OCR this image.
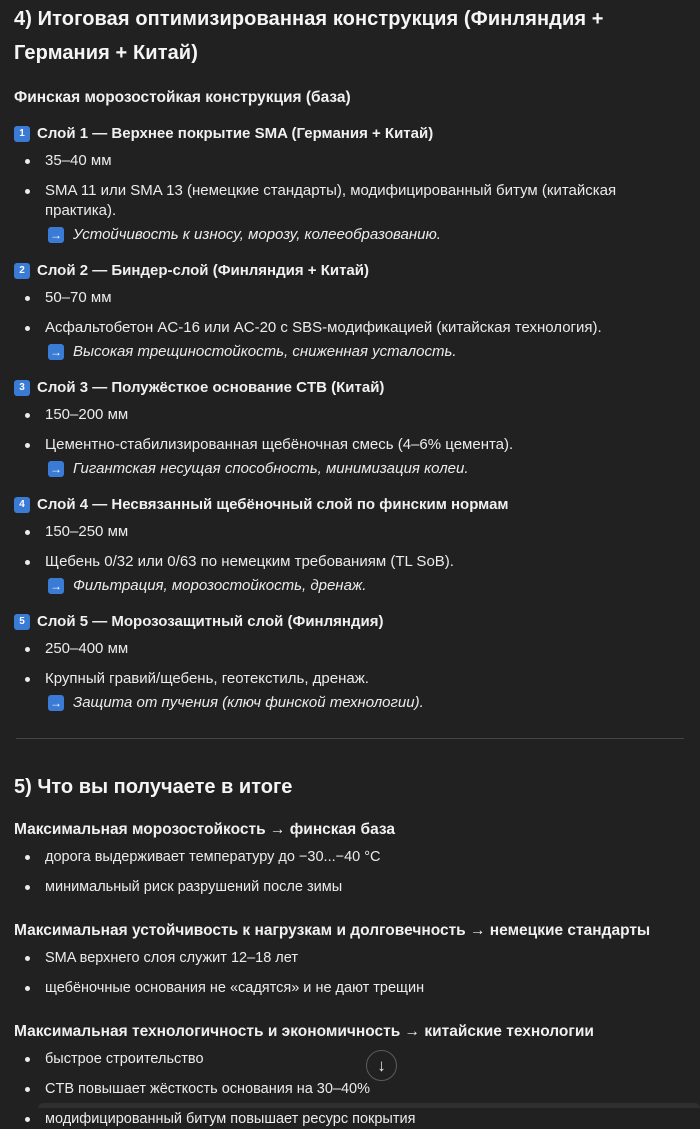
4) Итоговая оптимизированная конструкция (Финляндия + Германия + Китай)
Финская морозостойкая конструкция (база)
1 Слой 1 — Верхнее покрытие SMA (Германия + Китай)
35–40 мм
SMA 11 или SMA 13 (немецкие стандарты), модифицированный битум (китайская практика).
→ Устойчивость к износу, морозу, колееобразованию.
2 Слой 2 — Биндер-слой (Финляндия + Китай)
50–70 мм
Асфальтобетон AC-16 или AC-20 с SBS-модификацией (китайская технология).
→ Высокая трещиностойкость, сниженная усталость.
3 Слой 3 — Полужёсткое основание CTB (Китай)
150–200 мм
Цементно-стабилизированная щебёночная смесь (4–6% цемента).
→ Гигантская несущая способность, минимизация колеи.
4 Слой 4 — Несвязанный щебёночный слой по финским нормам
150–250 мм
Щебень 0/32 или 0/63 по немецким требованиям (TL SoB).
→ Фильтрация, морозостойкость, дренаж.
5 Слой 5 — Морозозащитный слой (Финляндия)
250–400 мм
Крупный гравий/щебень, геотекстиль, дренаж.
→ Защита от пучения (ключ финской технологии).
5) Что вы получаете в итоге
Максимальная морозостойкость → финская база
дорога выдерживает температуру до −30...−40 °C
минимальный риск разрушений после зимы
Максимальная устойчивость к нагрузкам и долговечность → немецкие стандарты
SMA верхнего слоя служит 12–18 лет
щебёночные основания не «садятся» и не дают трещин
Максимальная технологичность и экономичность → китайские технологии
быстрое строительство
CTB повышает жёсткость основания на 30–40%
модифицированный битум повышает ресурс покрытия
↓
